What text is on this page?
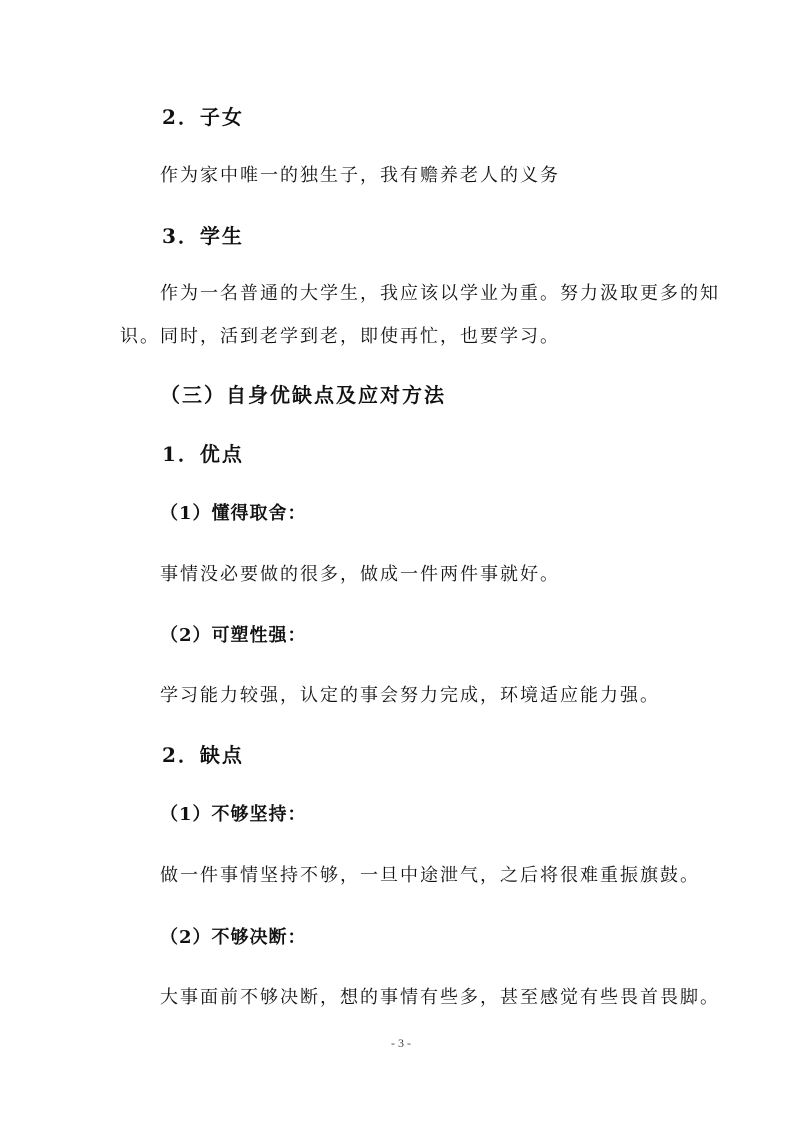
2．子女
作为家中唯一的独生子，我有赡养老人的义务
3．学生
作为一名普通的大学生，我应该以学业为重。努力汲取更多的知
识。同时，活到老学到老，即使再忙，也要学习。
（三）自身优缺点及应对方法
1．优点
（1）懂得取舍：
事情没必要做的很多，做成一件两件事就好。
（2）可塑性强：
学习能力较强，认定的事会努力完成，环境适应能力强。
2．缺点
（1）不够坚持：
做一件事情坚持不够，一旦中途泄气，之后将很难重振旗鼓。
（2）不够决断：
大事面前不够决断，想的事情有些多，甚至感觉有些畏首畏脚。
- 3 -
